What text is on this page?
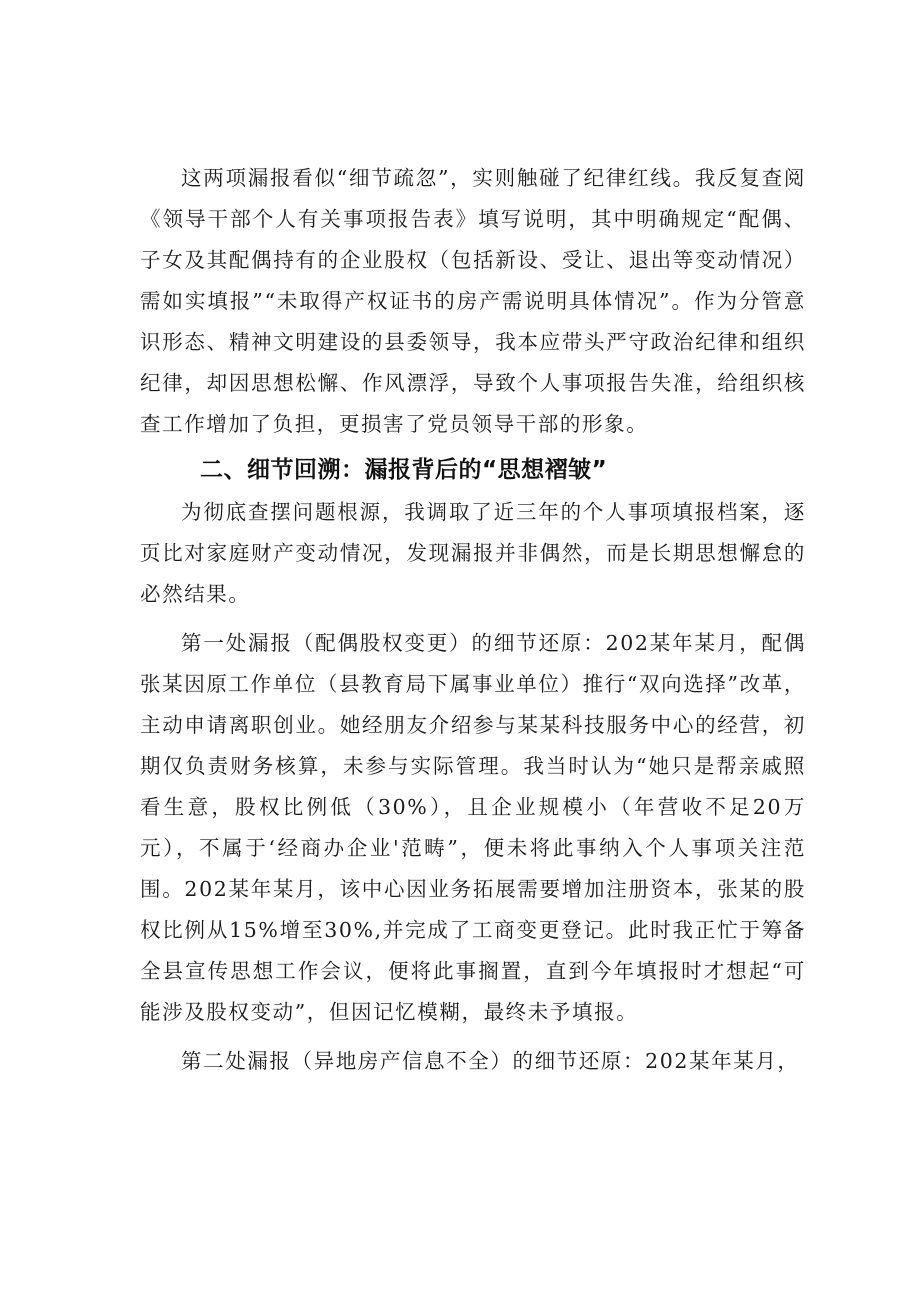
这两项漏报看似“细节疏忽”，实则触碰了纪律红线。我反复查阅《领导干部个人有关事项报告表》填写说明，其中明确规定“配偶、子女及其配偶持有的企业股权（包括新设、受让、退出等变动情况）需如实填报”“未取得产权证书的房产需说明具体情况”。作为分管意识形态、精神文明建设的县委领导，我本应带头严守政治纪律和组织纪律，却因思想松懈、作风漂浮，导致个人事项报告失准，给组织核查工作增加了负担，更损害了党员领导干部的形象。

二、细节回溯：漏报背后的“思想褶皱”

为彻底查摆问题根源，我调取了近三年的个人事项填报档案，逐页比对家庭财产变动情况，发现漏报并非偶然，而是长期思想懈怠的必然结果。

第一处漏报（配偶股权变更）的细节还原：202某年某月，配偶张某因原工作单位（县教育局下属事业单位）推行“双向选择”改革，主动申请离职创业。她经朋友介绍参与某某科技服务中心的经营，初期仅负责财务核算，未参与实际管理。我当时认为“她只是帮亲戚照看生意，股权比例低（30%），且企业规模小（年营收不足20万元），不属于‘经商办企业'范畴”，便未将此事纳入个人事项关注范围。202某年某月，该中心因业务拓展需要增加注册资本，张某的股权比例从15%增至30%,并完成了工商变更登记。此时我正忙于筹备全县宣传思想工作会议，便将此事搁置，直到今年填报时才想起“可能涉及股权变动”，但因记忆模糊，最终未予填报。

第二处漏报（异地房产信息不全）的细节还原：202某年某月，
